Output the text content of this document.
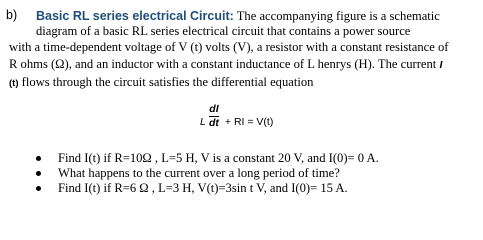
b) Basic RL series electrical Circuit: The accompanying figure is a schematic
diagram of a basic RL series electrical circuit that contains a power source
with a time-dependent voltage of V (t) volts (V), a resistor with a constant resistance of
R ohms (Ω), and an inductor with a constant inductance of L henrys (H). The current I
(t) flows through the circuit satisfies the differential equation
L
dI
dt + RI = V(t)
Find I(t) if R=10Ω , L=5 H, V is a constant 20 V, and I(0)= 0 A.
What happens to the current over a long period of time?
Find I(t) if R=6 Ω , L=3 H, V(t)=3sin t V, and I(0)= 15 A.
